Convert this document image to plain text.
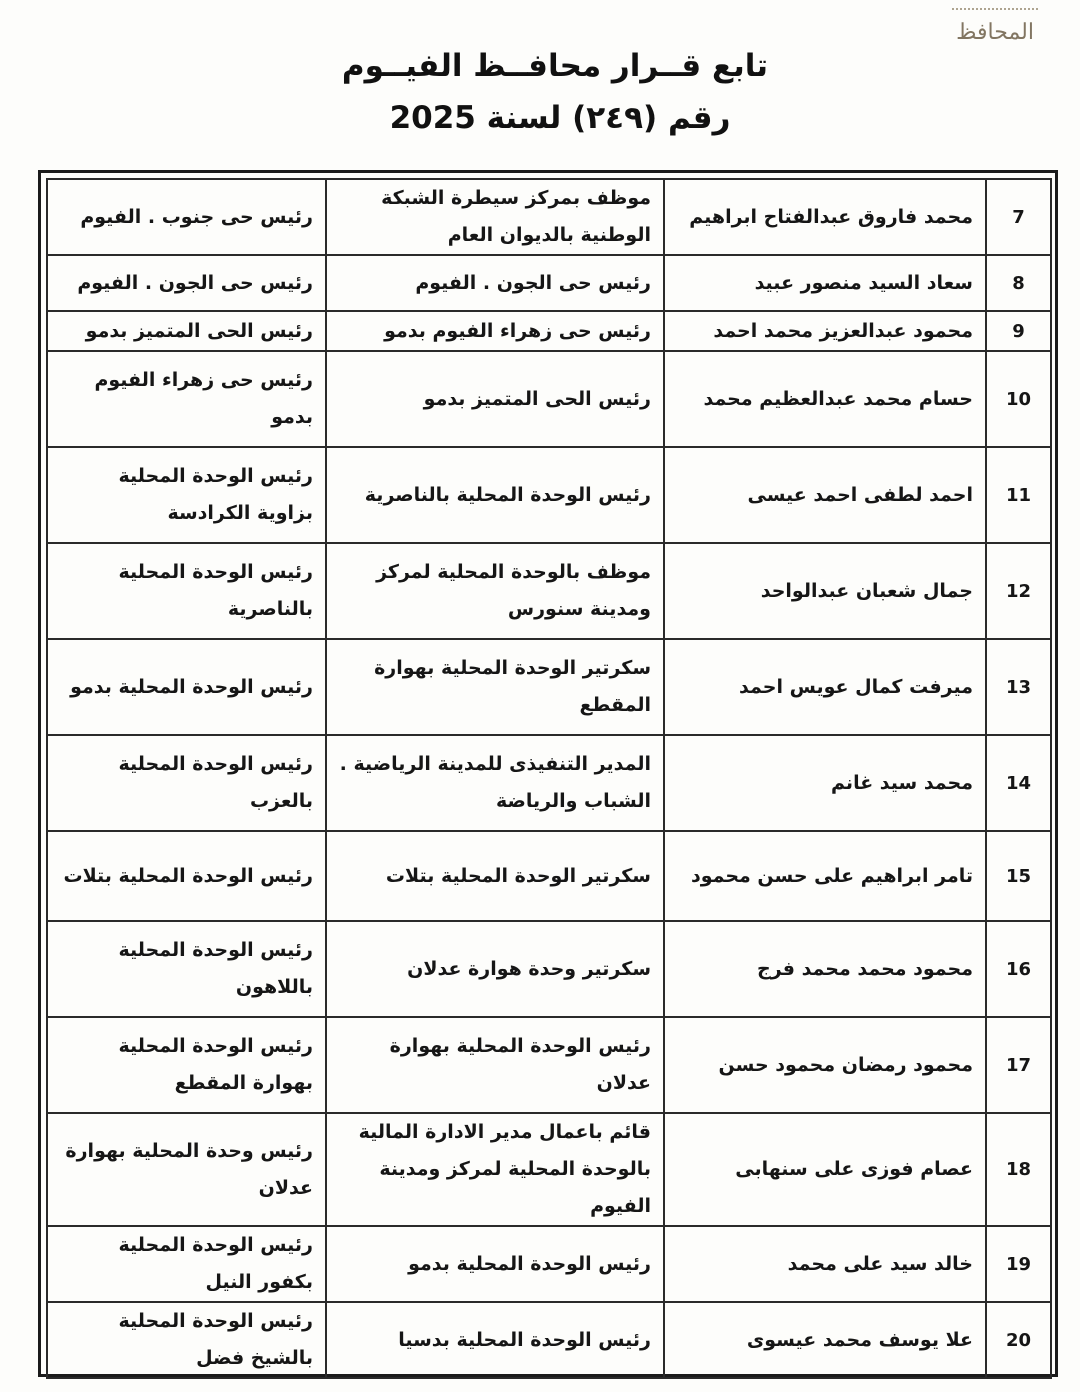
المحافظ
تابع قــرار محافــظ الفيــوم
رقم (٢٤٩) لسنة 2025
7	محمد فاروق عبدالفتاح ابراهيم	موظف بمركز سيطرة الشبكة الوطنية بالديوان العام	رئيس حى جنوب . الفيوم
8	سعاد السيد منصور عبيد	رئيس حى الجون . الفيوم	رئيس حى الجون . الفيوم
9	محمود عبدالعزيز محمد احمد	رئيس حى زهراء الفيوم بدمو	رئيس الحى المتميز بدمو
10	حسام محمد عبدالعظيم محمد	رئيس الحى المتميز بدمو	رئيس حى زهراء الفيوم بدمو
11	احمد لطفى احمد عيسى	رئيس الوحدة المحلية بالناصرية	رئيس الوحدة المحلية بزاوية الكرادسة
12	جمال شعبان عبدالواحد	موظف بالوحدة المحلية لمركز ومدينة سنورس	رئيس الوحدة المحلية بالناصرية
13	ميرفت كمال عويس احمد	سكرتير الوحدة المحلية بهوارة المقطع	رئيس الوحدة المحلية بدمو
14	محمد سيد غانم	المدير التنفيذى للمدينة الرياضية . الشباب والرياضة	رئيس الوحدة المحلية بالعزب
15	تامر ابراهيم على حسن محمود	سكرتير الوحدة المحلية بتلات	رئيس الوحدة المحلية بتلات
16	محمود محمد محمد فرج	سكرتير وحدة هوارة عدلان	رئيس الوحدة المحلية باللاهون
17	محمود رمضان محمود حسن	رئيس الوحدة المحلية بهوارة عدلان	رئيس الوحدة المحلية بهوارة المقطع
18	عصام فوزى على سنهابى	قائم باعمال مدير الادارة المالية بالوحدة المحلية لمركز ومدينة الفيوم	رئيس وحدة المحلية بهوارة عدلان
19	خالد سيد على محمد	رئيس الوحدة المحلية بدمو	رئيس الوحدة المحلية بكفور النيل
20	علا يوسف محمد عيسوى	رئيس الوحدة المحلية بدسيا	رئيس الوحدة المحلية بالشيخ فضل
